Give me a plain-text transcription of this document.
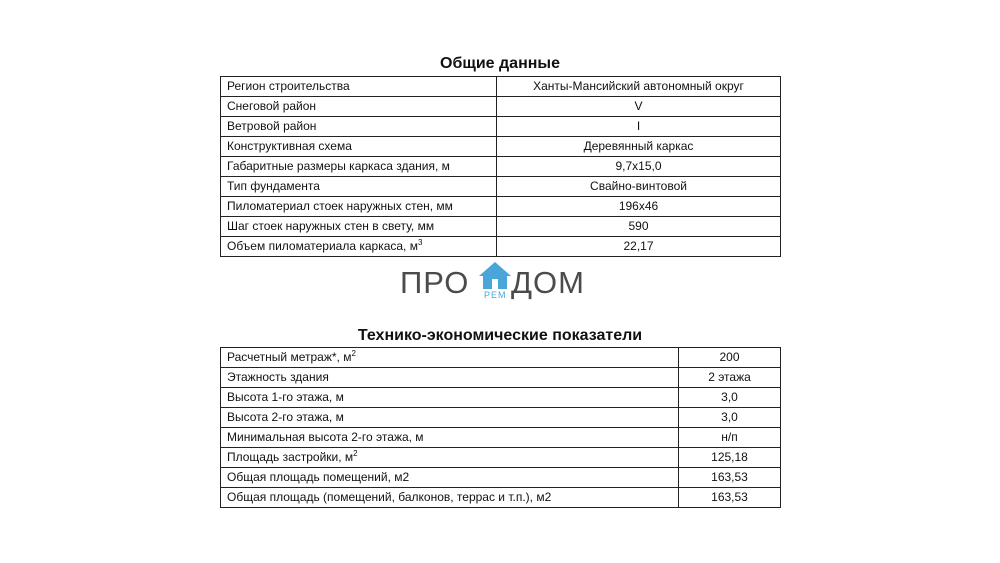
Общие данные
Регион строительства	Ханты-Мансийский автономный округ
Снеговой район	V
Ветровой район	I
Конструктивная схема	Деревянный каркас
Габаритные размеры каркаса здания, м	9,7х15,0
Тип фундамента	Свайно-винтовой
Пиломатериал стоек наружных стен, мм	196х46
Шаг стоек наружных стен в свету, мм	590
Объем пиломатериала каркаса, $м^3$	22,17
ПРО РЕМ ДОМ
Технико-экономические показатели
Расчетный метраж*, $м^2$	200
Этажность здания	2 этажа
Высота 1-го этажа, м	3,0
Высота 2-го этажа, м	3,0
Минимальная высота 2-го этажа, м	н/п
Площадь застройки, $м^2$	125,18
Общая площадь помещений, м2	163,53
Общая площадь (помещений, балконов, террас и т.п.), м2	163,53
